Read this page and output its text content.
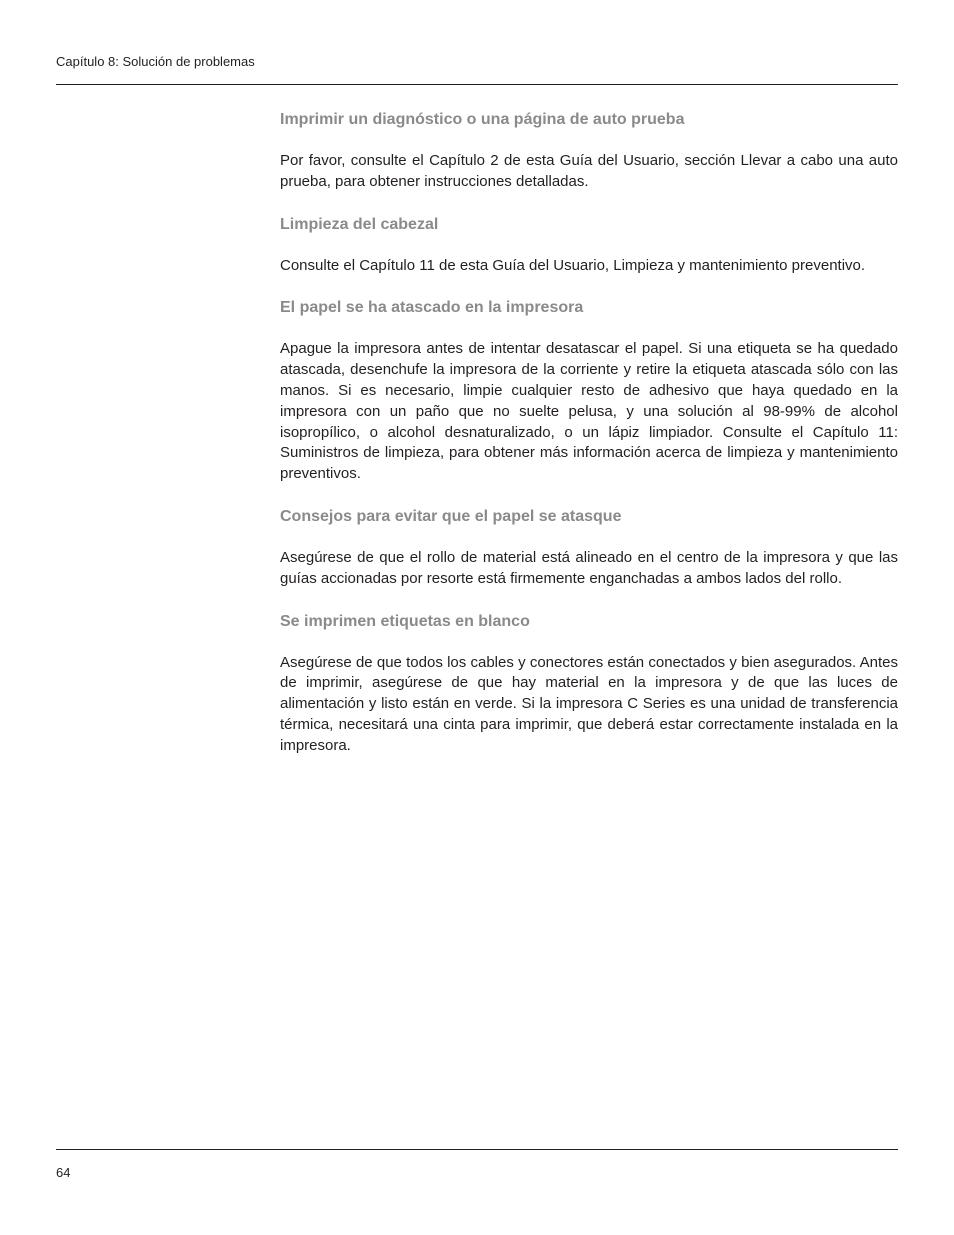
Capítulo 8: Solución de problemas
Imprimir un diagnóstico o una página de auto prueba

Por favor, consulte el Capítulo 2 de esta Guía del Usuario, sección Llevar a cabo una auto prueba, para obtener instrucciones detalladas.

Limpieza del cabezal

Consulte el Capítulo 11 de esta Guía del Usuario, Limpieza y mantenimiento preventivo.

El papel se ha atascado en la impresora

Apague la impresora antes de intentar desatascar el papel. Si una etiqueta se ha quedado atascada, desenchufe la impresora de la corriente y retire la etiqueta atascada sólo con las manos. Si es necesario, limpie cualquier resto de adhesivo que haya quedado en la impresora con un paño que no suelte pelusa, y una solución al 98-99% de alcohol isopropílico, o alcohol desnaturalizado, o un lápiz limpiador. Consulte el Capítulo 11: Suministros de limpieza, para obtener más información acerca de limpieza y mantenimiento preventivos.

Consejos para evitar que el papel se atasque

Asegúrese de que el rollo de material está alineado en el centro de la impresora y que las guías accionadas por resorte está firmemente enganchadas a ambos lados del rollo.

Se imprimen etiquetas en blanco

Asegúrese de que todos los cables y conectores están conectados y bien asegurados. Antes de imprimir, asegúrese de que hay material en la impresora y de que las luces de alimentación y listo están en verde. Si la impresora C Series es una unidad de transferencia térmica, necesitará una cinta para imprimir, que deberá estar correctamente instalada en la impresora.

64
